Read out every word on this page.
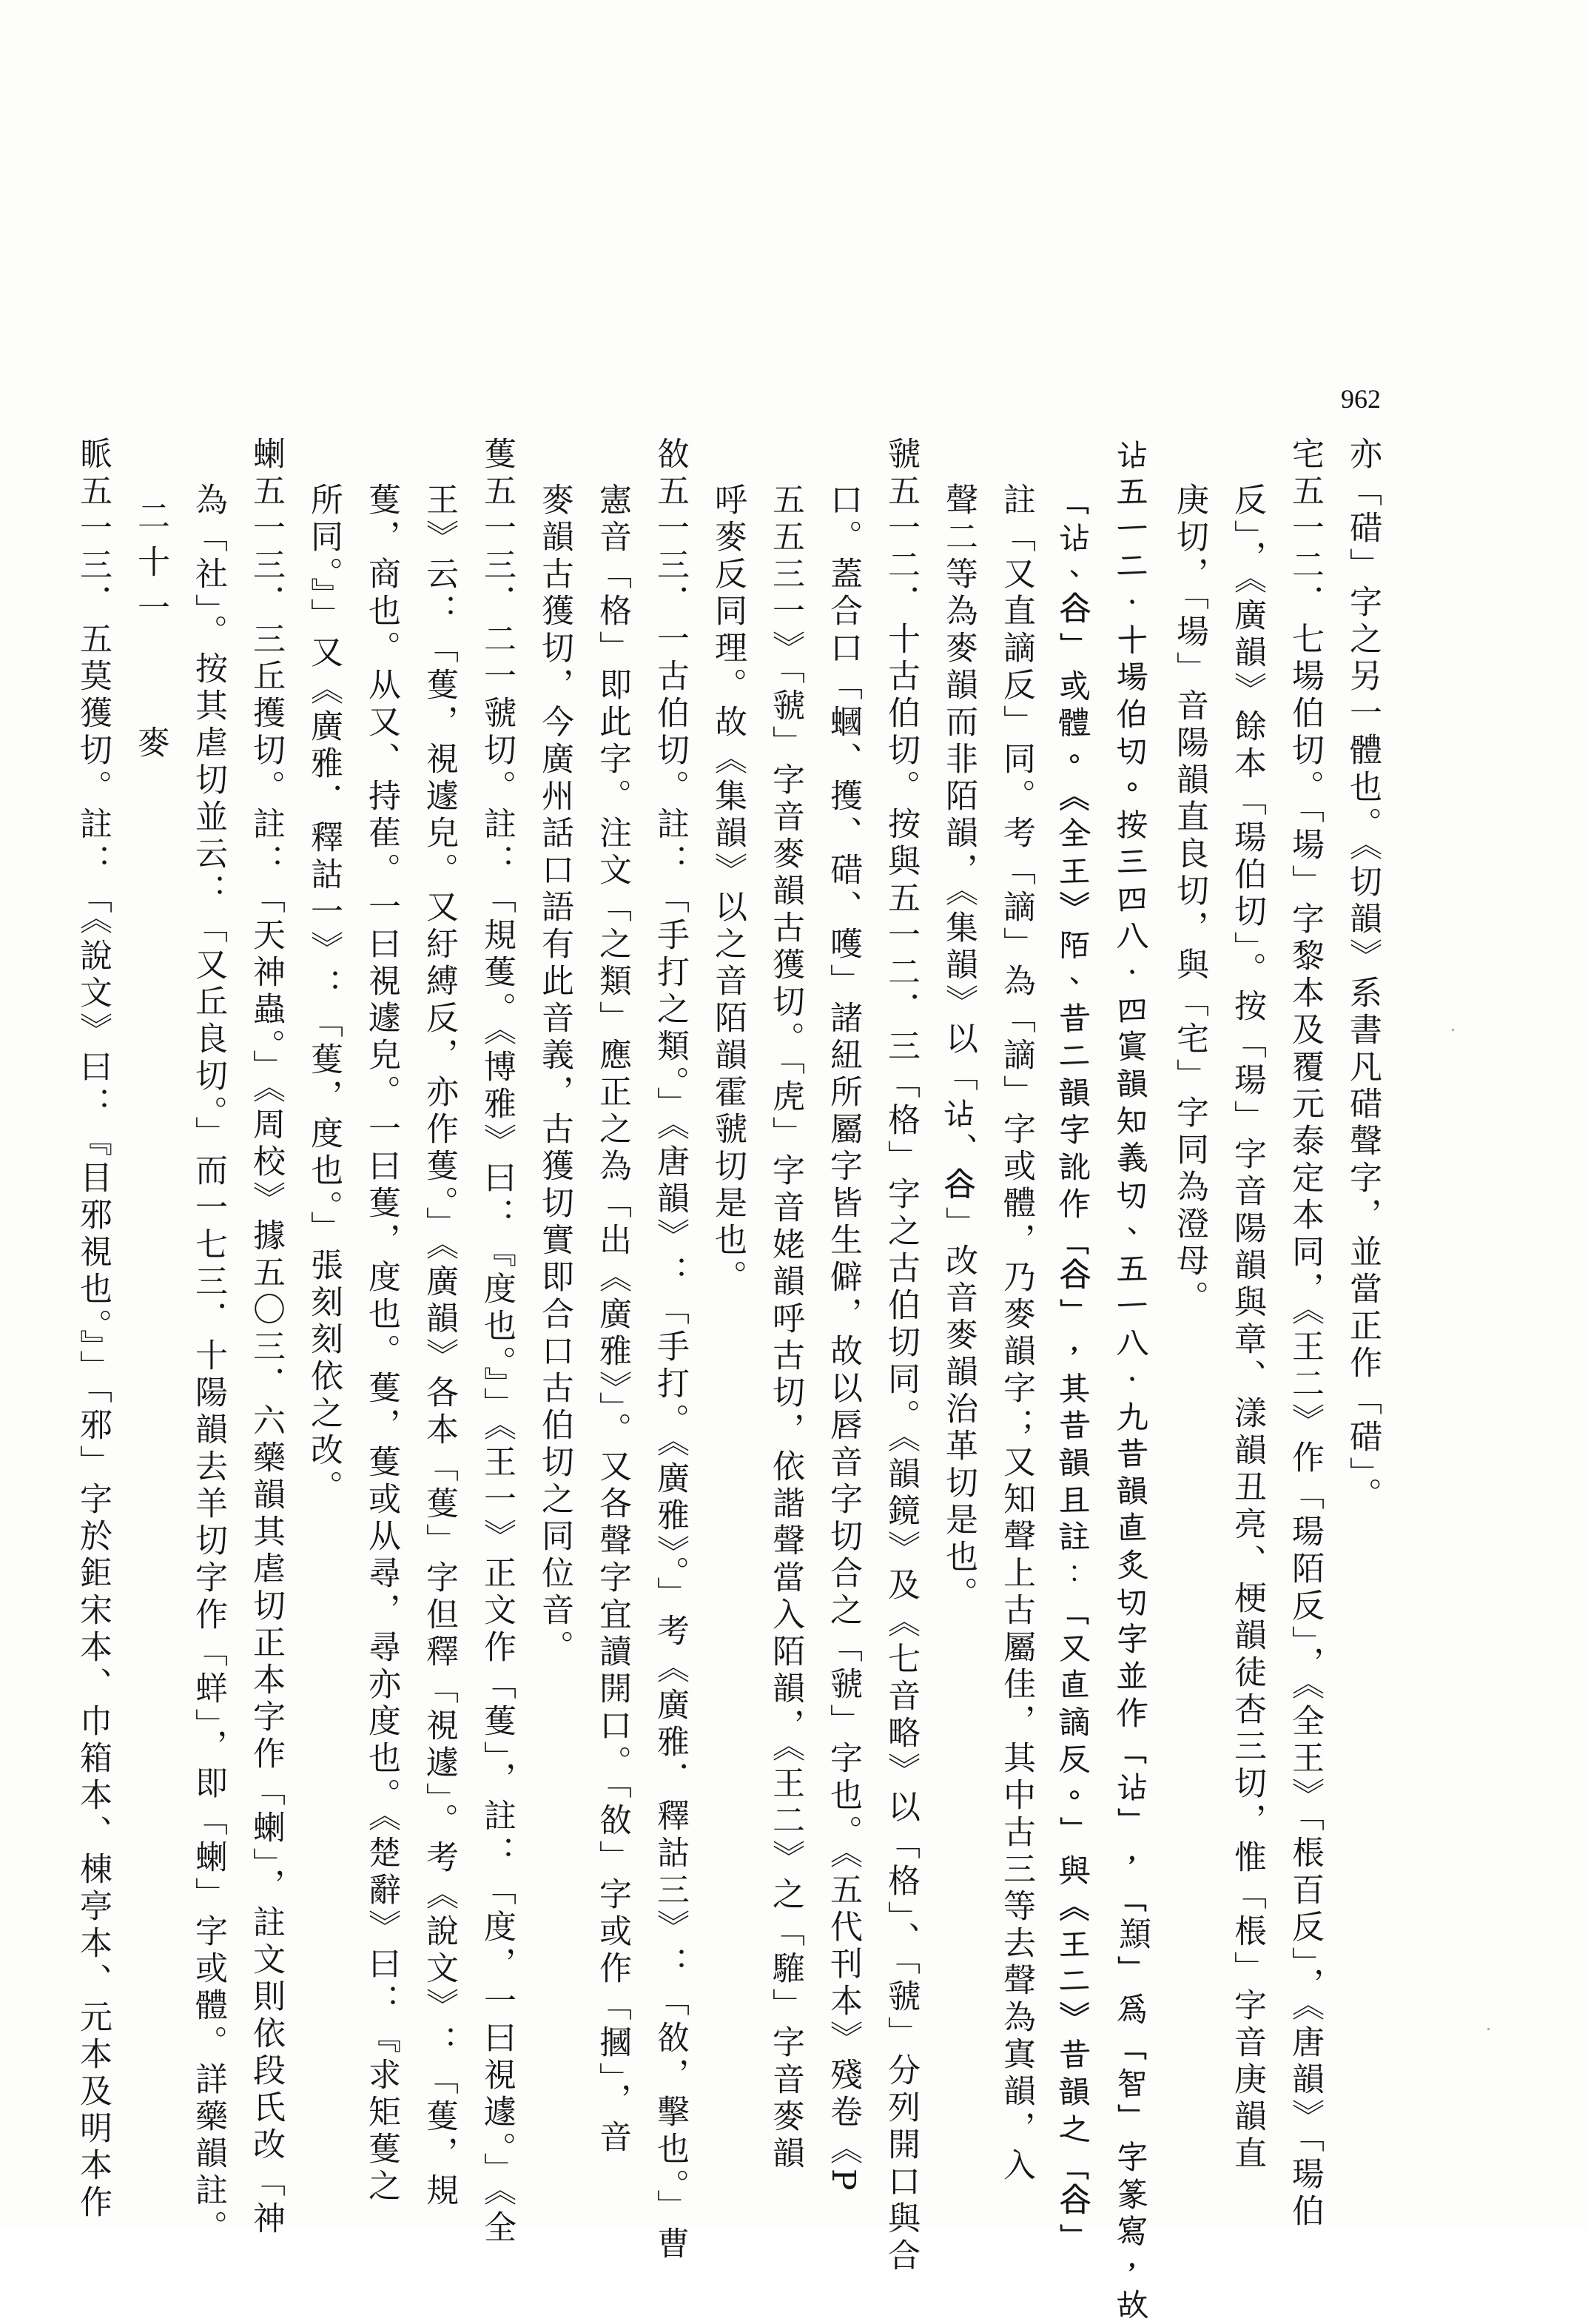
962
亦「碏」字之另一體也。《切韻》系書凡碏聲字，並當正作「碏」。
宅五一二．七場伯切。「場」字黎本及覆元泰定本同，《王二》作「瑒陌反」，《全王》「棖百反」，《唐韻》「瑒伯
反」，《廣韻》餘本「瑒伯切」。按「瑒」字音陽韻與章、漾韻丑亮、梗韻徒杏三切，惟「棖」字音庚韻直
庚切，「場」音陽韻直良切，與「宅」字同為澄母。
𧮪五一二．十場伯切。按三四八．四寘韻知義切、五一八．九昔韻直炙切字並作「𧮪」，「䫞」為「智」字篆寫，故
「𧮪、𧮫」或體。《全王》陌、昔二韻字訛作「𧮫」，其昔韻且註：「又直謫反。」與《王二》昔韻之「𧮫」
註「又直謫反」同。考「謫」為「謫」字或體，乃麥韻字；又知聲上古屬佳，其中古三等去聲為寘韻，入
聲二等為麥韻而非陌韻，《集韻》以「𧮪、𧮫」改音麥韻治革切是也。
虢五一二．十古伯切。按與五一二．三「格」字之古伯切同。《韻鏡》及《七音略》以「格」、「虢」分列開口與合
口。蓋合口「蟈、擭、碏、嚄」諸紐所屬字皆生僻，故以唇音字切合之「虢」字也。《五代刊本》殘卷《P
五五三一》「虢」字音麥韻古獲切。「虎」字音姥韻呼古切，依諧聲當入陌韻，《王二》之「䮤」字音麥韻
呼麥反同理。故《集韻》以之音陌韻霍虢切是也。
敋五一三．一古伯切。註：「手打之類。」《唐韻》：「手打。《廣雅》。」考《廣雅．釋詁三》：「敋，擊也。」曹
憲音「格」即此字。注文「之類」應正之為「出《廣雅》」。又各聲字宜讀開口。「敋」字或作「摑」，音
麥韻古獲切，今廣州話口語有此音義，古獲切實即合口古伯切之同位音。
蒦五一三．二一虢切。註：「規蒦。《博雅》曰：『度也。』」《王一》正文作「蒦」，註：「度，一曰視遽。」《全
王》云：「蒦，視遽皃。又紆縛反，亦作蒦。」《廣韻》各本「蒦」字但釋「視遽」。考《說文》：「蒦，規
蒦，商也。从又、持萑。一曰視遽皃。一曰蒦，度也。蒦，蒦或从尋，尋亦度也。《楚辭》曰：『求矩蒦之
所同。』」又《廣雅．釋詁一》：「蒦，度也。」張刻刻依之改。
蝲五一三．三丘擭切。註：「天神蟲。」《周校》據五〇三．六藥韻其虐切正本字作「蝲」，註文則依段氏改「神
為「社」。按其虐切並云：「又丘良切。」而一七三．十陽韻去羊切字作「蛘」，即「蝲」字或體。詳藥韻註。
二十一麥
眽五一三．五莫獲切。註：「《說文》曰：『目邪視也。』」「邪」字於鉅宋本、巾箱本、棟亭本、元本及明本作
